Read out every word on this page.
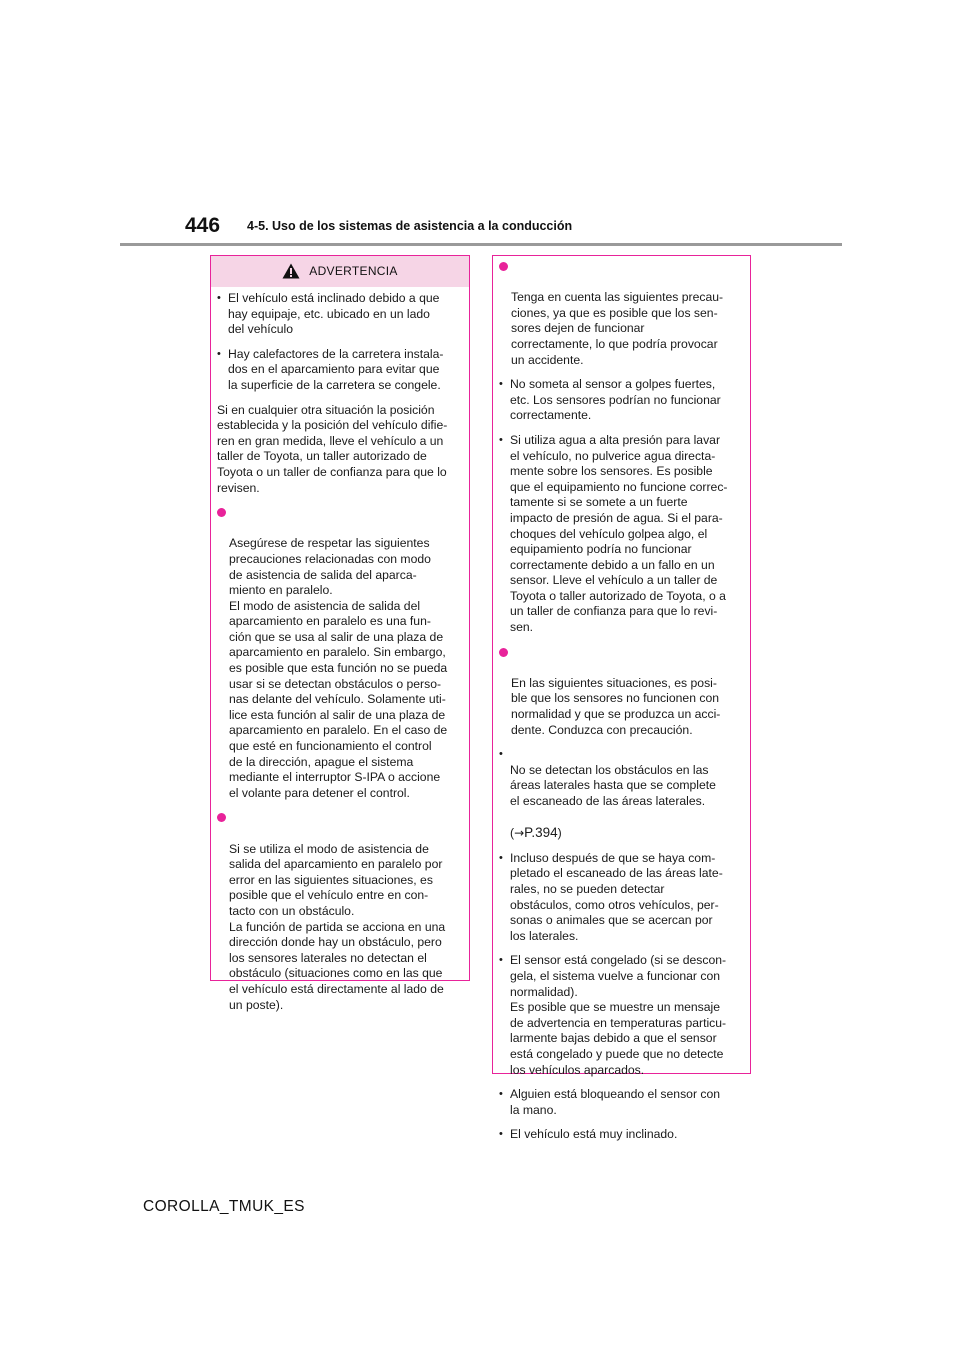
446 4-5. Uso de los sistemas de asistencia a la conducción
ADVERTENCIA
• El vehículo está inclinado debido a que
hay equipaje, etc. ubicado en un lado
del vehículo
• Hay calefactores de la carretera instala-
dos en el aparcamiento para evitar que
la superficie de la carretera se congele.
Si en cualquier otra situación la posición
establecida y la posición del vehículo difie-
ren en gran medida, lleve el vehículo a un
taller de Toyota, un taller autorizado de
Toyota o un taller de confianza para que lo
revisen.

Asegúrese de respetar las siguientes
precauciones relacionadas con modo
de asistencia de salida del aparca-
miento en paralelo.
El modo de asistencia de salida del
aparcamiento en paralelo es una fun-
ción que se usa al salir de una plaza de
aparcamiento en paralelo. Sin embargo,
es posible que esta función no se pueda
usar si se detectan obstáculos o perso-
nas delante del vehículo. Solamente uti-
lice esta función al salir de una plaza de
aparcamiento en paralelo. En el caso de
que esté en funcionamiento el control
de la dirección, apague el sistema
mediante el interruptor S-IPA o accione
el volante para detener el control.

Si se utiliza el modo de asistencia de
salida del aparcamiento en paralelo por
error en las siguientes situaciones, es
posible que el vehículo entre en con-
tacto con un obstáculo.
La función de partida se acciona en una
dirección donde hay un obstáculo, pero
los sensores laterales no detectan el
obstáculo (situaciones como en las que
el vehículo está directamente al lado de
un poste).

Tenga en cuenta las siguientes precau-
ciones, ya que es posible que los sen-
sores dejen de funcionar
correctamente, lo que podría provocar
un accidente.

• No someta al sensor a golpes fuertes,
etc. Los sensores podrían no funcionar
correctamente.
• Si utiliza agua a alta presión para lavar
el vehículo, no pulverice agua directa-
mente sobre los sensores. Es posible
que el equipamiento no funcione correc-
tamente si se somete a un fuerte
impacto de presión de agua. Si el para-
choques del vehículo golpea algo, el
equipamiento podría no funcionar
correctamente debido a un fallo en un
sensor. Lleve el vehículo a un taller de
Toyota o taller autorizado de Toyota, o a
un taller de confianza para que lo revi-
sen.

En las siguientes situaciones, es posi-
ble que los sensores no funcionen con
normalidad y que se produzca un acci-
dente. Conduzca con precaución.

• No se detectan los obstáculos en las
áreas laterales hasta que se complete
el escaneado de las áreas laterales.

(→P.394)

• Incluso después de que se haya com-
pletado el escaneado de las áreas late-
rales, no se pueden detectar
obstáculos, como otros vehículos, per-
sonas o animales que se acercan por
los laterales.
• El sensor está congelado (si se descon-
gela, el sistema vuelve a funcionar con
normalidad).
Es posible que se muestre un mensaje
de advertencia en temperaturas particu-
larmente bajas debido a que el sensor
está congelado y puede que no detecte
los vehículos aparcados.
• Alguien está bloqueando el sensor con
la mano.
• El vehículo está muy inclinado.
COROLLA_TMUK_ES
